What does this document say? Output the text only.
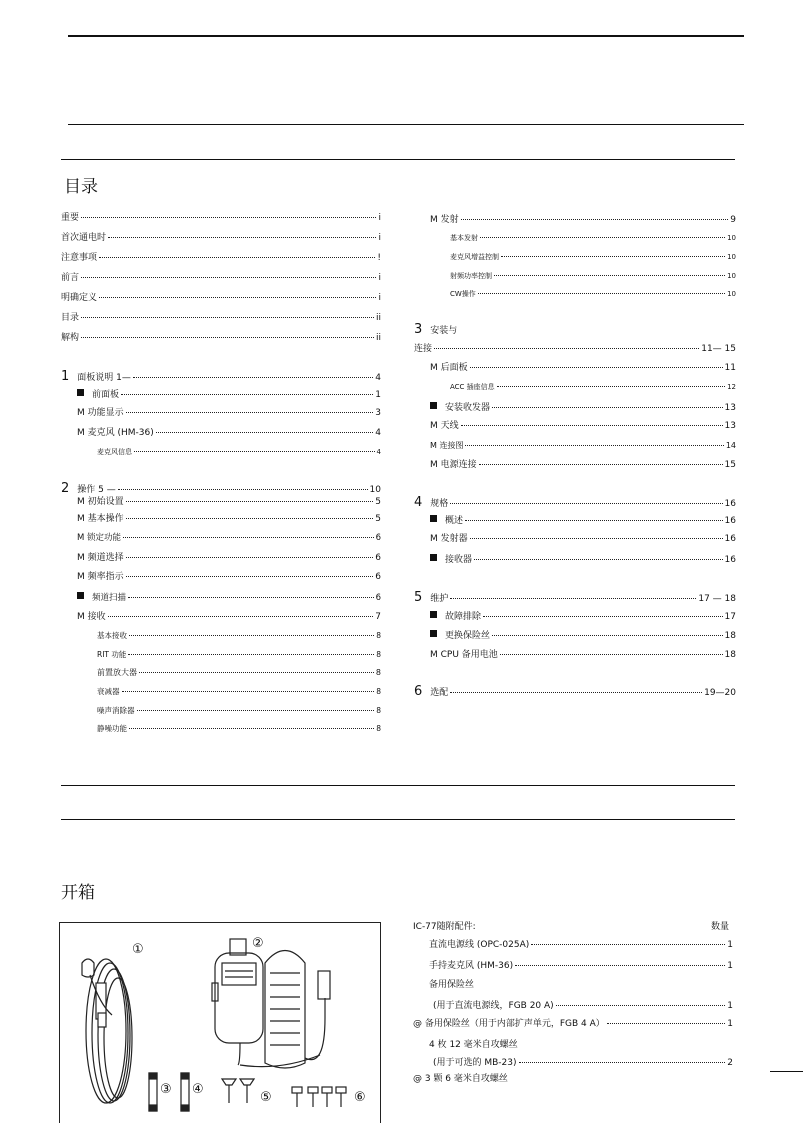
目录
重要	i
首次通电时	i
注意事项	!
前言	i
明确定义	i
目录	ii
解构	ii
1 面板说明 1—	4
前面板	1
M 功能显示	3
M 麦克风 (HM-36)	4
麦克风信息	4
2 操作 5 —	10
M 初始设置	5
M 基本操作	5
M 锁定功能	6
M 频道选择	6
M 频率指示	6
频道扫描	6
M 接收	7
基本接收	8
RIT 功能	8
前置放大器	8
衰减器	8
噪声消除器	8
静噪功能	8
M 发射	9
基本发射	10
麦克风增益控制	10
射频功率控制	10
CW操作	10
3 安装与
连接	11— 15
M 后面板	11
ACC 插座信息	12
安装收发器	13
M 天线	13
M 连接图	14
M 电源连接	15
4 规格	16
概述	16
M 发射器	16
接收器	16
5 维护	17 — 18
故障排除	17
更换保险丝	18
M CPU 备用电池	18
6 选配	19—20
开箱
①	②
③ ④
⑤	⑥
IC-77随附配件:	数量
直流电源线 (OPC-025A)	1
手持麦克风 (HM-36)	1
备用保险丝
(用于直流电源线，FGB 20 A)	1
@ 备用保险丝（用于内部扩声单元，FGB 4 A）	1
4 枚 12 毫米自攻螺丝
(用于可选的 MB-23)	2
@ 3 颗 6 毫米自攻螺丝
